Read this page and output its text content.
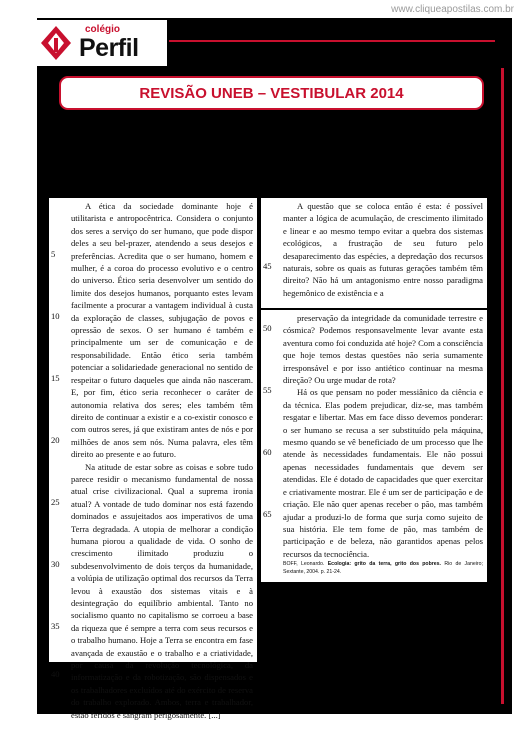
www.cliqueapostilas.com.br
colégio
Perfil
REVISÃO UNEB – VESTIBULAR 2014
5
10
15
20
25
30
35
40

A ética da sociedade dominante hoje é utilitarista e antropocêntrica. Considera o conjunto dos seres a serviço do ser humano, que pode dispor deles a seu bel-prazer, atendendo a seus desejos e preferências. Acredita que o ser humano, homem e mulher, é a coroa do processo evolutivo e o centro do universo. Ético seria desenvolver um sentido do limite dos desejos humanos, porquanto estes levam facilmente a procurar a vantagem individual à custa da exploração de classes, subjugação de povos e opressão de sexos. O ser humano é também e principalmente um ser de comunicação e de responsabilidade. Então ético seria também potenciar a solidariedade generacional no sentido de respeitar o futuro daqueles que ainda não nasceram. E, por fim, ético seria reconhecer o caráter de autonomia relativa dos seres; eles também têm direito de continuar a existir e a co-existir conosco e com outros seres, já que existiram antes de nós e por milhões de anos sem nós. Numa palavra, eles têm direito ao presente e ao futuro.

Na atitude de estar sobre as coisas e sobre tudo parece residir o mecanismo fundamental de nossa atual crise civilizacional. Qual a suprema ironia atual? A vontade de tudo dominar nos está fazendo dominados e assujeitados aos imperativos de uma Terra degradada. A utopia de melhorar a condição humana piorou a qualidade de vida. O sonho de crescimento ilimitado produziu o subdesenvolvimento de dois terços da humanidade, a volúpia de utilização optimal dos recursos da Terra levou à exaustão dos sistemas vitais e à desintegração do equilíbrio ambiental. Tanto no socialismo quanto no capitalismo se corroeu a base da riqueza que é sempre a terra com seus recursos e o trabalho humano. Hoje a Terra se encontra em fase avançada de exaustão e o trabalho e a criatividade, por causa da revolução tecnológica, da informatização e da robotização, são dispensados e os trabalhadores excluídos até do exército de reserva do trabalho explorado. Ambos, terra e trabalhador, estão feridos e sangram perigosamente. [...]

45

A questão que se coloca então é esta: é possível manter a lógica de acumulação, de crescimento ilimitado e linear e ao mesmo tempo evitar a quebra dos sistemas ecológicos, a frustração de seu futuro pelo desaparecimento das espécies, a depredação dos recursos naturais, sobre os quais as futuras gerações também têm direito? Não há um antagonismo entre nosso paradigma hegemônico de existência e a

50
55
60
65

preservação da integridade da comunidade terrestre e cósmica? Podemos responsavelmente levar avante esta aventura como foi conduzida até hoje? Com a consciência que hoje temos destas questões não seria sumamente irresponsável e por isso antiético continuar na mesma direção? Ou urge mudar de rota?

Há os que pensam no poder messiânico da ciência e da técnica. Elas podem prejudicar, diz-se, mas também resgatar e libertar. Mas em face disso devemos ponderar: o ser humano se recusa a ser substituído pela máquina, mesmo quando se vê beneficiado de um processo que lhe atende às necessidades fundamentais. Ele não possui apenas necessidades fundamentais que devem ser atendidas. Ele é dotado de capacidades que quer exercitar e criativamente mostrar. Ele é um ser de participação e de criação. Ele não quer apenas receber o pão, mas também ajudar a produzi-lo de forma que surja como sujeito de sua história. Ele tem fome de pão, mas também de participação e de beleza, não garantidos apenas pelos recursos da tecnociência.

BOFF, Leonardo. Ecologia: grito da terra, grito dos pobres. Rio de Janeiro; Sextante, 2004. p. 21-24.
